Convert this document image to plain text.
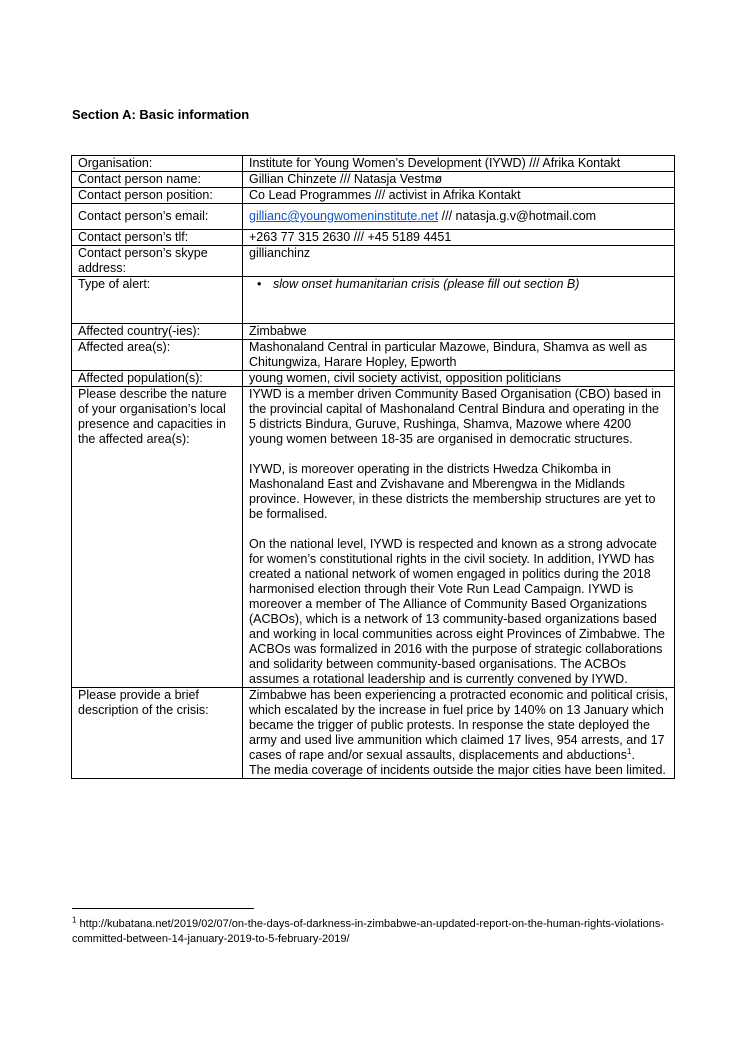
Section A: Basic information
Organisation:	Institute for Young Women’s Development (IYWD) /// Afrika Kontakt
Contact person name:	Gillian Chinzete /// Natasja Vestmø
Contact person position:	Co Lead Programmes /// activist in Afrika Kontakt
Contact person’s email:	gillianc@youngwomeninstitute.net /// natasja.g.v@hotmail.com
Contact person’s tlf:	+263 77 315 2630 /// +45 5189 4451
Contact person’s skype address:	gillianchinz
Type of alert:	• slow onset humanitarian crisis (please fill out section B)

Affected country(-ies):	Zimbabwe
Affected area(s):	Mashonaland Central in particular Mazowe, Bindura, Shamva as well as
Chitungwiza, Harare Hopley, Epworth

Affected population(s):	young women, civil society activist, opposition politicians
Please describe the nature of your organisation’s local presence and capacities in the affected area(s):	IYWD is a member driven Community Based Organisation (CBO) based in the provincial capital of Mashonaland Central Bindura and operating in the 5 districts Bindura, Guruve, Rushinga, Shamva, Mazowe where 4200 young women between 18-35 are organised in democratic structures.
IYWD, is moreover operating in the districts Hwedza Chikomba in Mashonaland East and Zvishavane and Mberengwa in the Midlands province. However, in these districts the membership structures are yet to be formalised.
On the national level, IYWD is respected and known as a strong advocate for women’s constitutional rights in the civil society. In addition, IYWD has created a national network of women engaged in politics during the 2018 harmonised election through their Vote Run Lead Campaign. IYWD is moreover a member of The Alliance of Community Based Organizations (ACBOs), which is a network of 13 community-based organizations based and working in local communities across eight Provinces of Zimbabwe. The ACBOs was formalized in 2016 with the purpose of strategic collaborations and solidarity between community-based organisations. The ACBOs assumes a rotational leadership and is currently convened by IYWD.

Please provide a brief description of the crisis:	Zimbabwe has been experiencing a protracted economic and political crisis, which escalated by the increase in fuel price by 140% on 13 January which became the trigger of public protests. In response the state deployed the army and used live ammunition which claimed 17 lives, 954 arrests, and 17 cases of rape and/or sexual assaults, displacements and abductions$^1$.
The media coverage of incidents outside the major cities have been limited.
$^1$ http://kubatana.net/2019/02/07/on-the-days-of-darkness-in-zimbabwe-an-updated-report-on-the-human-rights-violations-committed-between-14-january-2019-to-5-february-2019/
